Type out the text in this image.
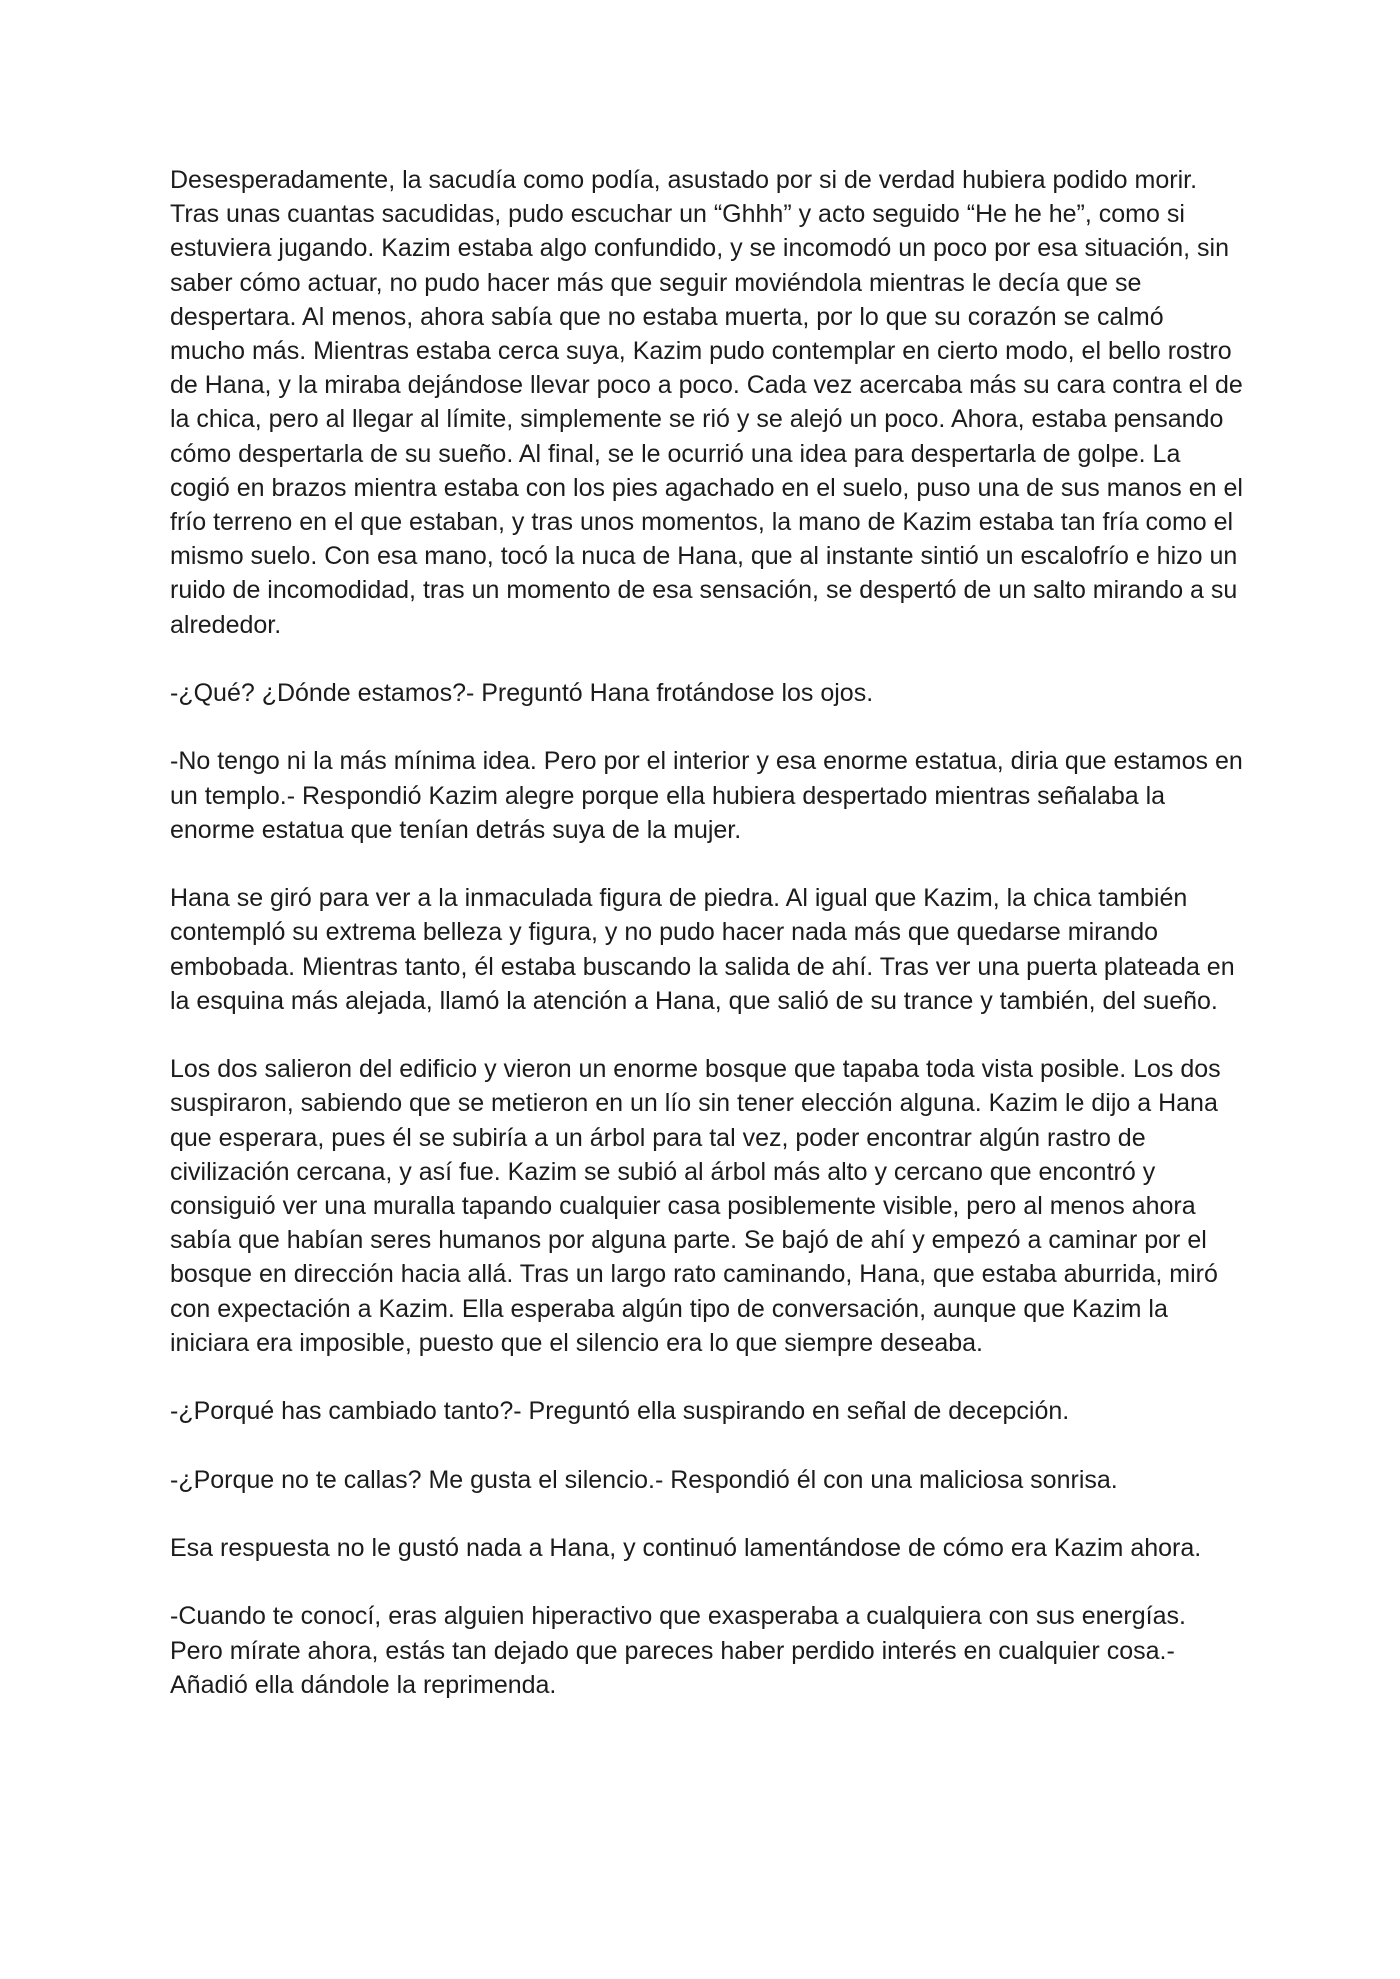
Desesperadamente, la sacudía como podía, asustado por si de verdad hubiera podido morir. Tras unas cuantas sacudidas, pudo escuchar un “Ghhh” y acto seguido “He he he”, como si estuviera jugando. Kazim estaba algo confundido, y se incomodó un poco por esa situación, sin saber cómo actuar, no pudo hacer más que seguir moviéndola mientras le decía que se despertara. Al menos, ahora sabía que no estaba muerta, por lo que su corazón se calmó mucho más. Mientras estaba cerca suya, Kazim pudo contemplar en cierto modo, el bello rostro de Hana, y la miraba dejándose llevar poco a poco. Cada vez acercaba más su cara contra el de la chica, pero al llegar al límite, simplemente se rió y se alejó un poco. Ahora, estaba pensando cómo despertarla de su sueño. Al final, se le ocurrió una idea para despertarla de golpe. La cogió en brazos mientra estaba con los pies agachado en el suelo, puso una de sus manos en el frío terreno en el que estaban, y tras unos momentos, la mano de Kazim estaba tan fría como el mismo suelo. Con esa mano, tocó la nuca de Hana, que al instante sintió un escalofrío e hizo un ruido de incomodidad, tras un momento de esa sensación, se despertó de un salto mirando a su alrededor.

-¿Qué? ¿Dónde estamos?- Preguntó Hana frotándose los ojos.

-No tengo ni la más mínima idea. Pero por el interior y esa enorme estatua, diria que estamos en un templo.- Respondió Kazim alegre porque ella hubiera despertado mientras señalaba la enorme estatua que tenían detrás suya de la mujer.

Hana se giró para ver a la inmaculada figura de piedra. Al igual que Kazim, la chica también contempló su extrema belleza y figura, y no pudo hacer nada más que quedarse mirando embobada. Mientras tanto, él estaba buscando la salida de ahí. Tras ver una puerta plateada en la esquina más alejada, llamó la atención a Hana, que salió de su trance y también, del sueño.

Los dos salieron del edificio y vieron un enorme bosque que tapaba toda vista posible. Los dos suspiraron, sabiendo que se metieron en un lío sin tener elección alguna. Kazim le dijo a Hana que esperara, pues él se subiría a un árbol para tal vez, poder encontrar algún rastro de civilización cercana, y así fue. Kazim se subió al árbol más alto y cercano que encontró y consiguió ver una muralla tapando cualquier casa posiblemente visible, pero al menos ahora sabía que habían seres humanos por alguna parte. Se bajó de ahí y empezó a caminar por el bosque en dirección hacia allá. Tras un largo rato caminando, Hana, que estaba aburrida, miró con expectación a Kazim. Ella esperaba algún tipo de conversación, aunque que Kazim la iniciara era imposible, puesto que el silencio era lo que siempre deseaba.

-¿Porqué has cambiado tanto?- Preguntó ella suspirando en señal de decepción.

-¿Porque no te callas? Me gusta el silencio.- Respondió él con una maliciosa sonrisa.

Esa respuesta no le gustó nada a Hana, y continuó lamentándose de cómo era Kazim ahora.

-Cuando te conocí, eras alguien hiperactivo que exasperaba a cualquiera con sus energías. Pero mírate ahora, estás tan dejado que pareces haber perdido interés en cualquier cosa.- Añadió ella dándole la reprimenda.
